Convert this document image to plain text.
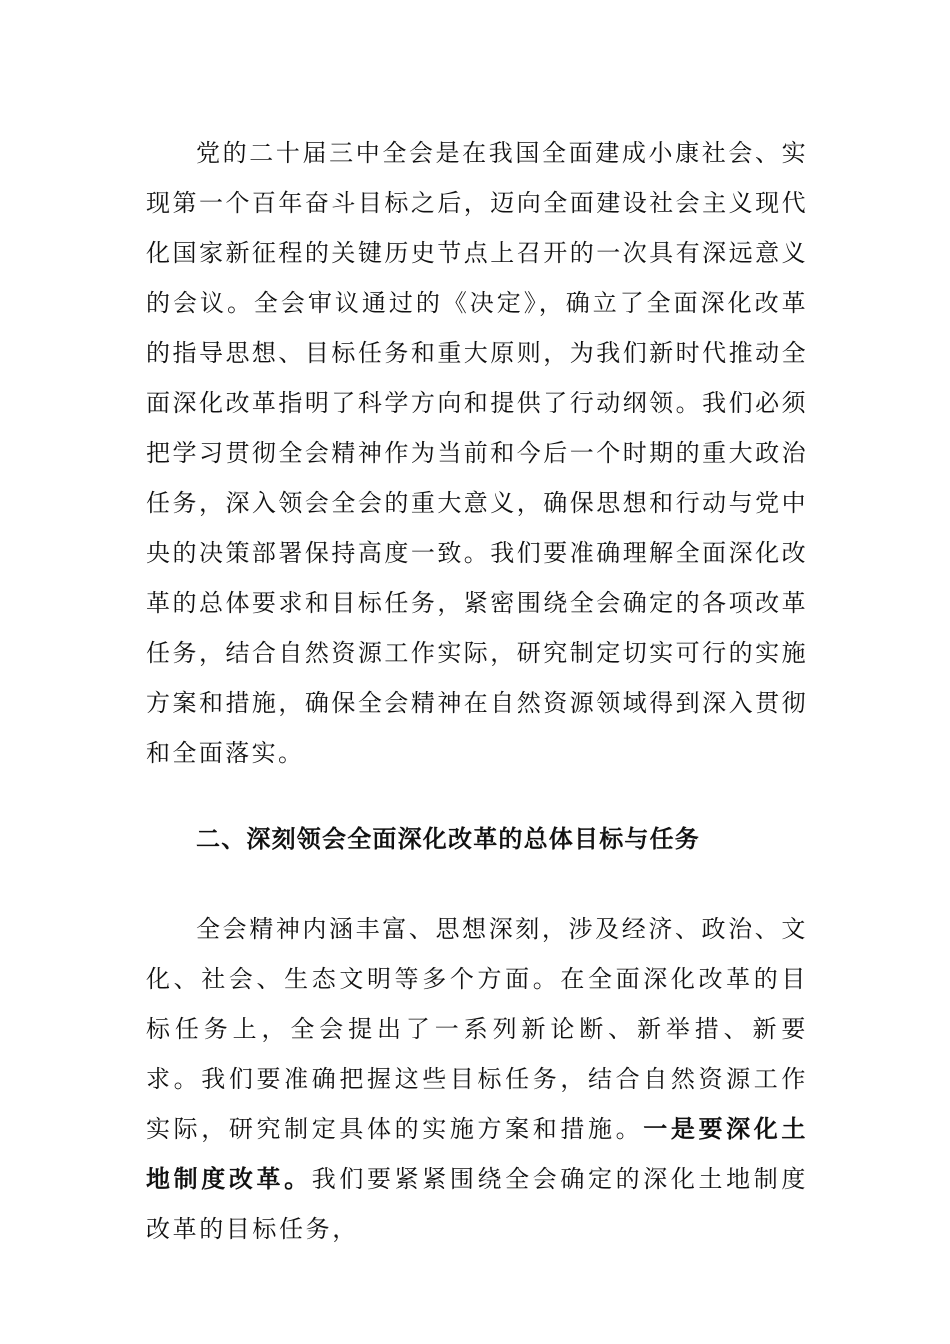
党的二十届三中全会是在我国全面建成小康社会、实现第一个百年奋斗目标之后，迈向全面建设社会主义现代化国家新征程的关键历史节点上召开的一次具有深远意义的会议。全会审议通过的《决定》，确立了全面深化改革的指导思想、目标任务和重大原则，为我们新时代推动全面深化改革指明了科学方向和提供了行动纲领。我们必须把学习贯彻全会精神作为当前和今后一个时期的重大政治任务，深入领会全会的重大意义，确保思想和行动与党中央的决策部署保持高度一致。我们要准确理解全面深化改革的总体要求和目标任务，紧密围绕全会确定的各项改革任务，结合自然资源工作实际，研究制定切实可行的实施方案和措施，确保全会精神在自然资源领域得到深入贯彻和全面落实。

二、深刻领会全面深化改革的总体目标与任务

全会精神内涵丰富、思想深刻，涉及经济、政治、文化、社会、生态文明等多个方面。在全面深化改革的目标任务上，全会提出了一系列新论断、新举措、新要求。我们要准确把握这些目标任务，结合自然资源工作实际，研究制定具体的实施方案和措施。一是要深化土地制度改革。我们要紧紧围绕全会确定的深化土地制度改革的目标任务，
